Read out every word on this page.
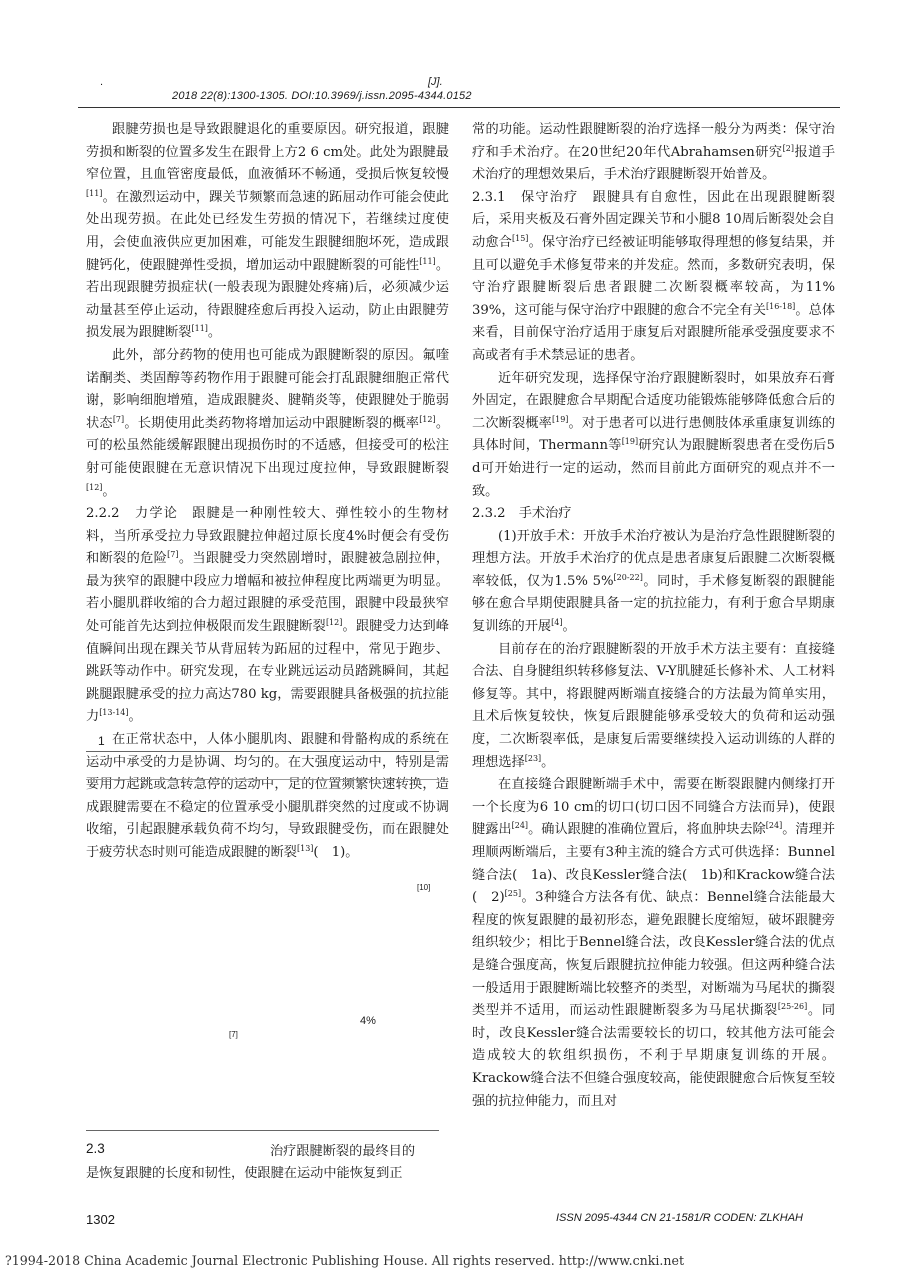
.	[J].
2018 22(8):1300-1305. DOI:10.3969/j.issn.2095-4344.0152

跟腱劳损也是导致跟腱退化的重要原因。研究报道，跟腱劳损和断裂的位置多发生在跟骨上方2 6 cm处。此处为跟腱最窄位置，且血管密度最低，血液循环不畅通，受损后恢复较慢[11]。在激烈运动中，踝关节频繁而急速的跖屈动作可能会使此处出现劳损。在此处已经发生劳损的情况下，若继续过度使用，会使血液供应更加困难，可能发生跟腱细胞坏死，造成跟腱钙化，使跟腱弹性受损，增加运动中跟腱断裂的可能性[11]。若出现跟腱劳损症状(一般表现为跟腱处疼痛)后，必须减少运动量甚至停止运动，待跟腱痊愈后再投入运动，防止由跟腱劳损发展为跟腱断裂[11]。

此外，部分药物的使用也可能成为跟腱断裂的原因。氟喹诺酮类、类固醇等药物作用于跟腱可能会打乱跟腱细胞正常代谢，影响细胞增殖，造成跟腱炎、腱鞘炎等，使跟腱处于脆弱状态[7]。长期使用此类药物将增加运动中跟腱断裂的概率[12]。可的松虽然能缓解跟腱出现损伤时的不适感，但接受可的松注射可能使跟腱在无意识情况下出现过度拉伸，导致跟腱断裂[12]。

2.2.2　力学论　跟腱是一种刚性较大、弹性较小的生物材料，当所承受拉力导致跟腱拉伸超过原长度4%时便会有受伤和断裂的危险[7]。当跟腱受力突然剧增时，跟腱被急剧拉伸，最为狭窄的跟腱中段应力增幅和被拉伸程度比两端更为明显。若小腿肌群收缩的合力超过跟腱的承受范围，跟腱中段最狭窄处可能首先达到拉伸极限而发生跟腱断裂[12]。跟腱受力达到峰值瞬间出现在踝关节从背屈转为跖屈的过程中，常见于跑步、跳跃等动作中。研究发现，在专业跳远运动员踏跳瞬间，其起跳腿跟腱承受的拉力高达780 kg，需要跟腱具备极强的抗拉能力[13-14]。

在正常状态中，人体小腿肌肉、跟腱和骨骼构成的系统在运动中承受的力是协调、均匀的。在大强度运动中，特别是需要用力起跳或急转急停的运动中，足的位置频繁快速转换，造成跟腱需要在不稳定的位置承受小腿肌群突然的过度或不协调收缩，引起跟腱承载负荷不均匀，导致跟腱受伤，而在跟腱处于疲劳状态时则可能造成跟腱的断裂[13](　1)。

1
[10]
4%
[7]
2.3	治疗跟腱断裂的最终目的
是恢复跟腱的长度和韧性，使跟腱在运动中能恢复到正

常的功能。运动性跟腱断裂的治疗选择一般分为两类：保守治疗和手术治疗。在20世纪20年代Abrahamsen研究[2]报道手术治疗的理想效果后，手术治疗跟腱断裂开始普及。

2.3.1　保守治疗　跟腱具有自愈性，因此在出现跟腱断裂后，采用夹板及石膏外固定踝关节和小腿8 10周后断裂处会自动愈合[15]。保守治疗已经被证明能够取得理想的修复结果，并且可以避免手术修复带来的并发症。然而，多数研究表明，保守治疗跟腱断裂后患者跟腱二次断裂概率较高，为11% 39%，这可能与保守治疗中跟腱的愈合不完全有关[16-18]。总体来看，目前保守治疗适用于康复后对跟腱所能承受强度要求不高或者有手术禁忌证的患者。

近年研究发现，选择保守治疗跟腱断裂时，如果放弃石膏外固定，在跟腱愈合早期配合适度功能锻炼能够降低愈合后的二次断裂概率[19]。对于患者可以进行患侧肢体承重康复训练的具体时间，Thermann等[19]研究认为跟腱断裂患者在受伤后5 d可开始进行一定的运动，然而目前此方面研究的观点并不一致。

2.3.2　手术治疗

(1)开放手术：开放手术治疗被认为是治疗急性跟腱断裂的理想方法。开放手术治疗的优点是患者康复后跟腱二次断裂概率较低，仅为1.5% 5%[20-22]。同时，手术修复断裂的跟腱能够在愈合早期使跟腱具备一定的抗拉能力，有利于愈合早期康复训练的开展[4]。

目前存在的治疗跟腱断裂的开放手术方法主要有：直接缝合法、自身腱组织转移修复法、V-Y肌腱延长修补术、人工材料修复等。其中，将跟腱两断端直接缝合的方法最为简单实用，且术后恢复较快，恢复后跟腱能够承受较大的负荷和运动强度，二次断裂率低，是康复后需要继续投入运动训练的人群的理想选择[23]。

在直接缝合跟腱断端手术中，需要在断裂跟腱内侧缘打开一个长度为6 10 cm的切口(切口因不同缝合方法而异)，使跟腱露出[24]。确认跟腱的准确位置后，将血肿块去除[24]。清理并理顺两断端后，主要有3种主流的缝合方式可供选择：Bunnel缝合法(　1a)、改良Kessler缝合法(　1b)和Krackow缝合法(　2)[25]。3种缝合方法各有优、缺点：Bennel缝合法能最大程度的恢复跟腱的最初形态，避免跟腱长度缩短，破坏跟腱旁组织较少；相比于Bennel缝合法，改良Kessler缝合法的优点是缝合强度高，恢复后跟腱抗拉伸能力较强。但这两种缝合法一般适用于跟腱断端比较整齐的类型，对断端为马尾状的撕裂类型并不适用，而运动性跟腱断裂多为马尾状撕裂[25-26]。同时，改良Kessler缝合法需要较长的切口，较其他方法可能会造成较大的软组织损伤，不利于早期康复训练的开展。Krackow缝合法不但缝合强度较高，能使跟腱愈合后恢复至较强的抗拉伸能力，而且对

1302	ISSN 2095-4344 CN 21-1581/R CODEN: ZLKHAH
?1994-2018 China Academic Journal Electronic Publishing House. All rights reserved. http://www.cnki.net
